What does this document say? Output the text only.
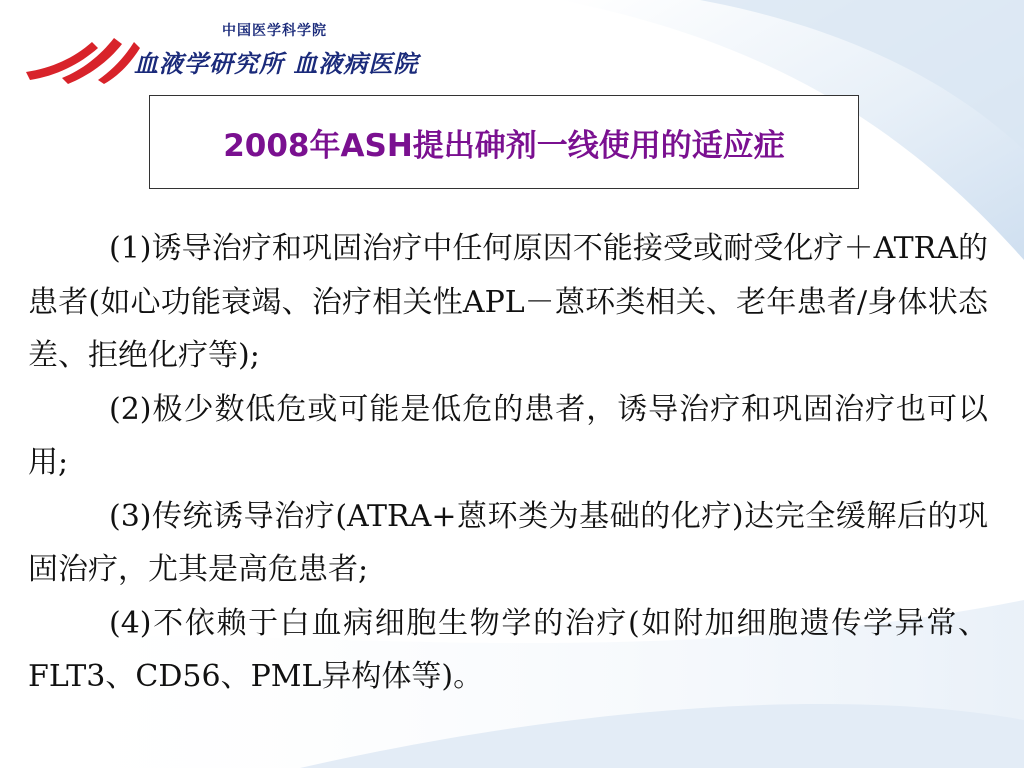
中国医学科学院
血液学研究所 血液病医院
2008年ASH提出砷剂一线使用的适应症

(1)诱导治疗和巩固治疗中任何原因不能接受或耐受化疗＋ATRA的患者(如心功能衰竭、治疗相关性APL－蒽环类相关、老年患者/身体状态差、拒绝化疗等);

(2)极少数低危或可能是低危的患者，诱导治疗和巩固治疗也可以用;

(3)传统诱导治疗(ATRA+蒽环类为基础的化疗)达完全缓解后的巩固治疗，尤其是高危患者;

(4)不依赖于白血病细胞生物学的治疗(如附加细胞遗传学异常、FLT3、CD56、PML异构体等)。
